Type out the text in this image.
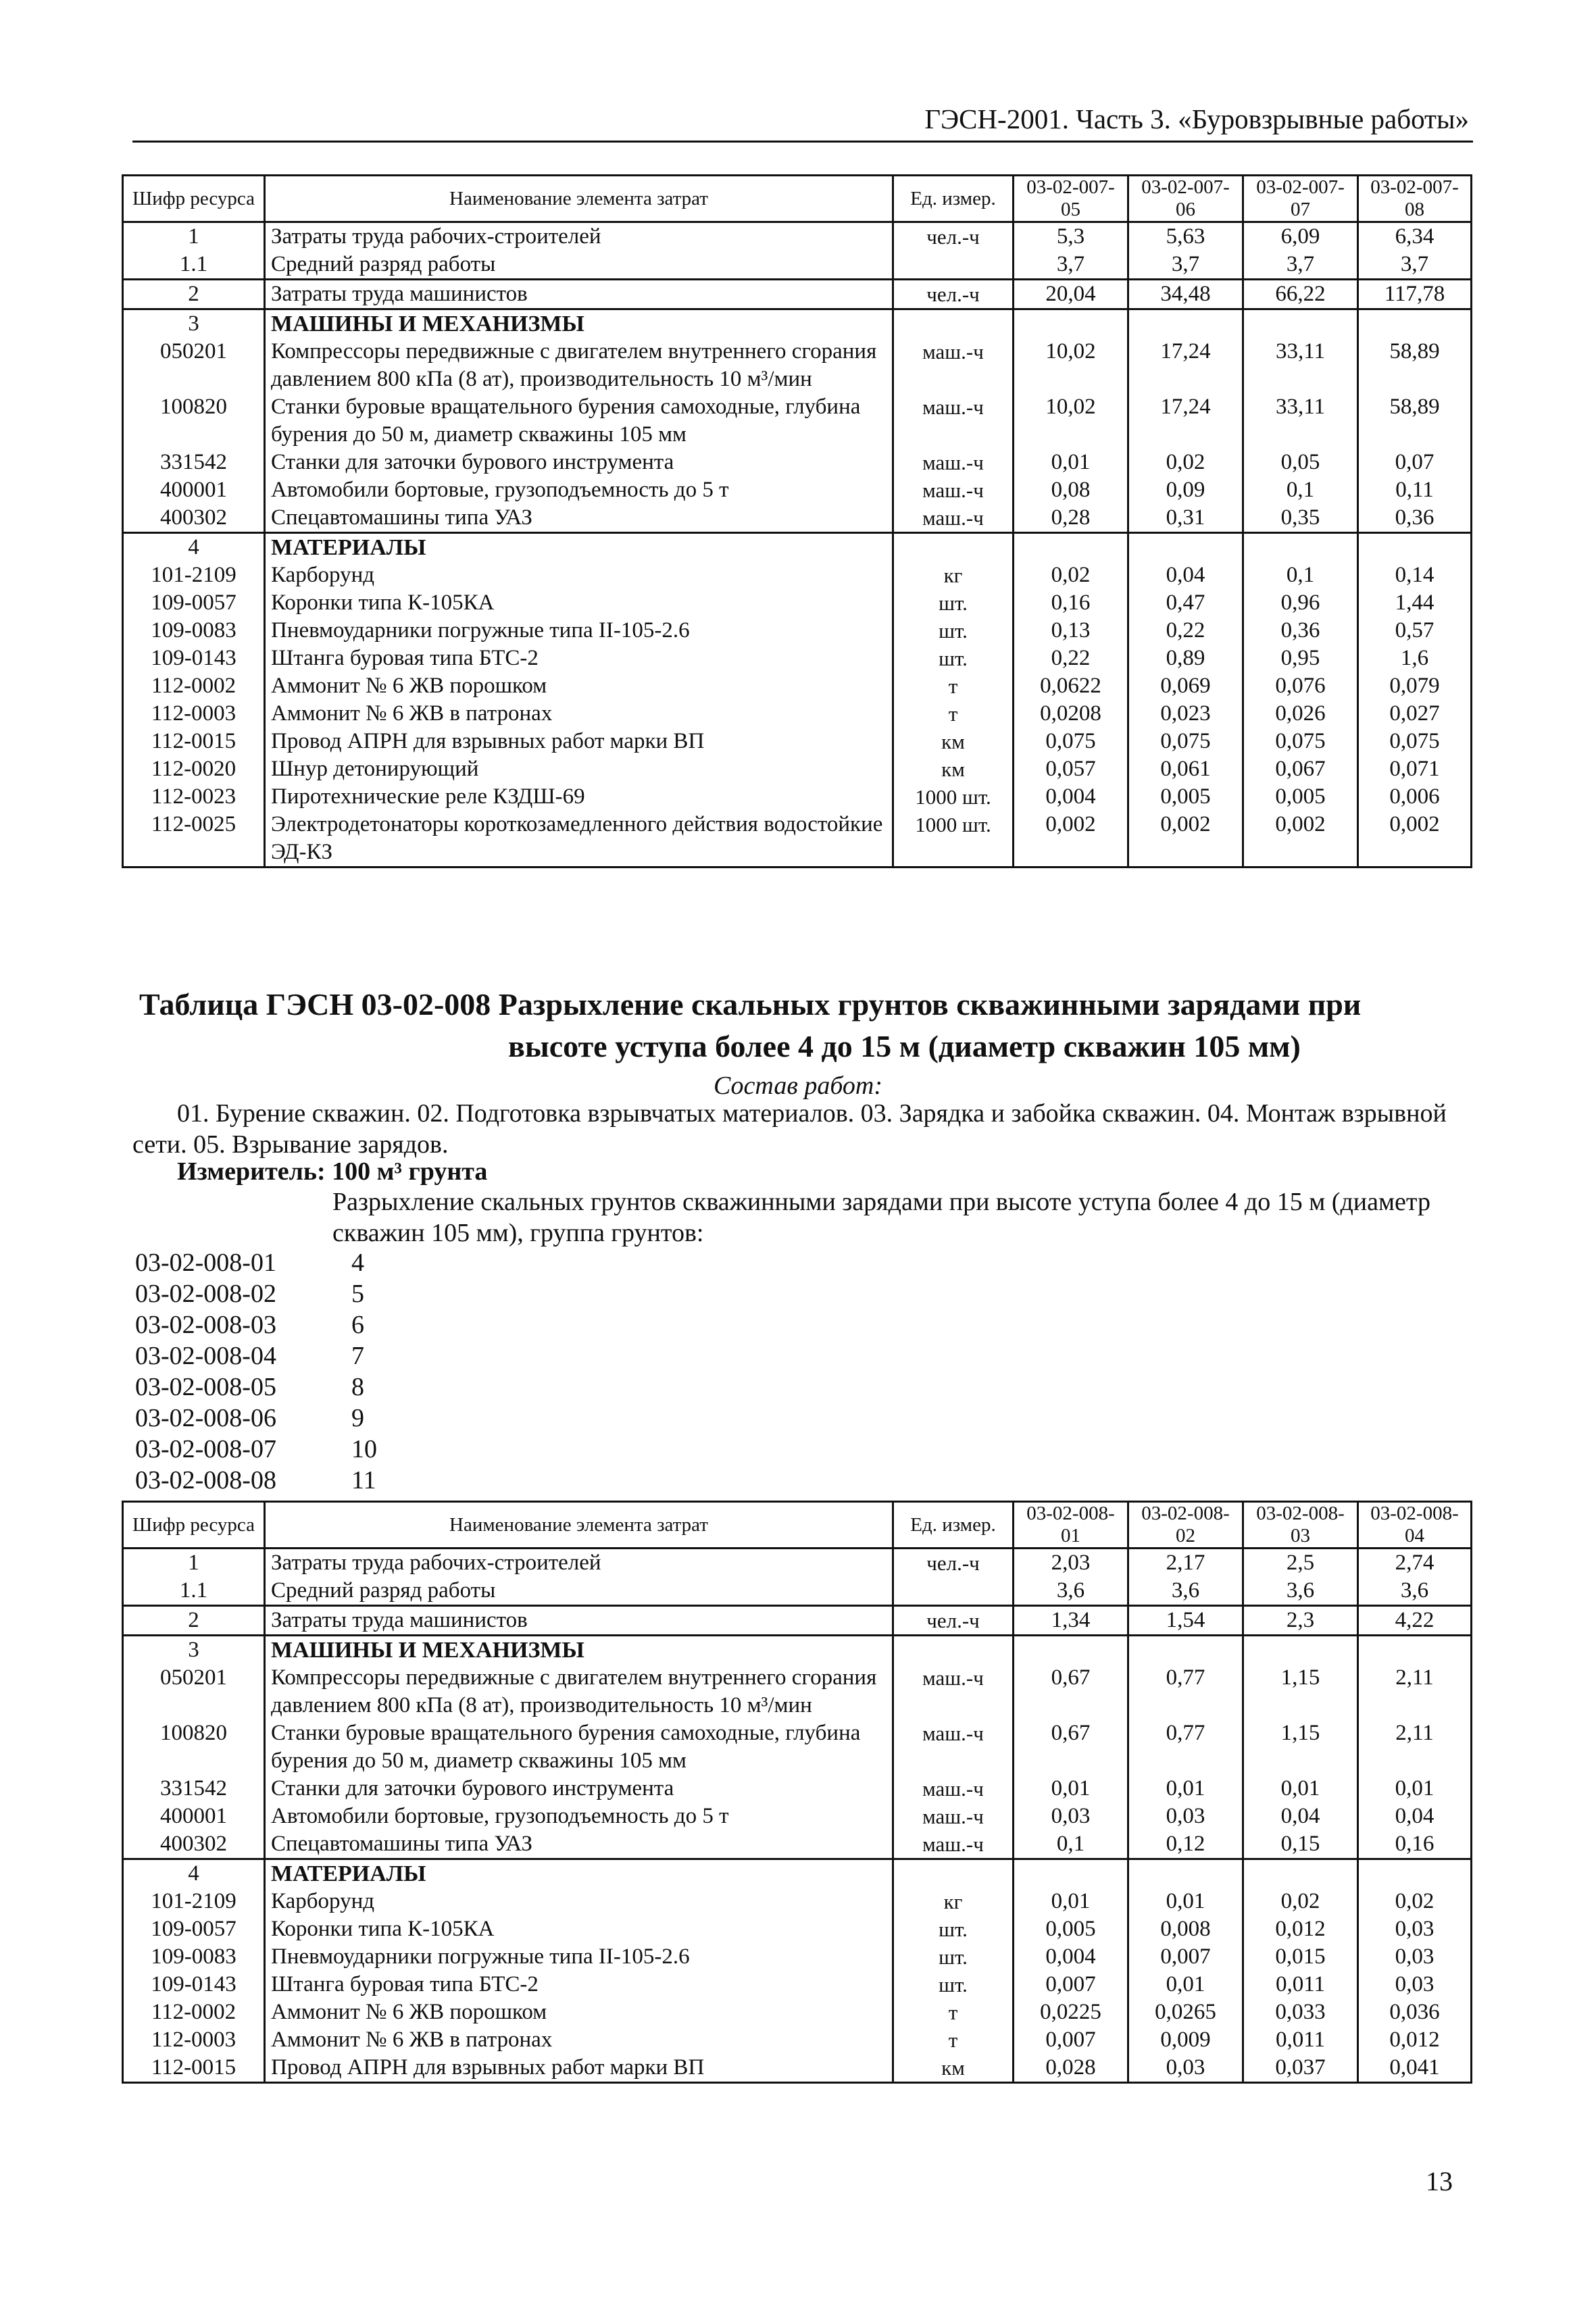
ГЭСН-2001. Часть 3. «Буровзрывные работы»
Шифр ресурса	Наименование элемента затрат	Ед. измер.	03-02-007-05	03-02-007-06	03-02-007-07	03-02-007-08
1	Затраты труда рабочих-строителей	чел.-ч	5,3	5,63	6,09	6,34
1.1	Средний разряд работы		3,7	3,7	3,7	3,7
2	Затраты труда машинистов	чел.-ч	20,04	34,48	66,22	117,78
3	МАШИНЫ И МЕХАНИЗМЫ					
050201	Компрессоры передвижные с двигателем внутреннего сгорания давлением 800 кПа (8 ат), производительность 10 м³/мин	маш.-ч	10,02	17,24	33,11	58,89
100820	Станки буровые вращательного бурения самоходные, глубина бурения до 50 м, диаметр скважины 105 мм	маш.-ч	10,02	17,24	33,11	58,89
331542	Станки для заточки бурового инструмента	маш.-ч	0,01	0,02	0,05	0,07
400001	Автомобили бортовые, грузоподъемность до 5 т	маш.-ч	0,08	0,09	0,1	0,11
400302	Спецавтомашины типа УАЗ	маш.-ч	0,28	0,31	0,35	0,36
4	МАТЕРИАЛЫ					
101-2109	Карборунд	кг	0,02	0,04	0,1	0,14
109-0057	Коронки типа К-105КА	шт.	0,16	0,47	0,96	1,44
109-0083	Пневмоударники погружные типа II-105-2.6	шт.	0,13	0,22	0,36	0,57
109-0143	Штанга буровая типа БТС-2	шт.	0,22	0,89	0,95	1,6
112-0002	Аммонит № 6 ЖВ порошком	т	0,0622	0,069	0,076	0,079
112-0003	Аммонит № 6 ЖВ в патронах	т	0,0208	0,023	0,026	0,027
112-0015	Провод АПРН для взрывных работ марки ВП	км	0,075	0,075	0,075	0,075
112-0020	Шнур детонирующий	км	0,057	0,061	0,067	0,071
112-0023	Пиротехнические реле КЗДШ-69	1000 шт.	0,004	0,005	0,005	0,006
112-0025	Электродетонаторы короткозамедленного действия водостойкие ЭД-КЗ	1000 шт.	0,002	0,002	0,002	0,002
Таблица ГЭСН 03-02-008 Разрыхление скальных грунтов скважинными зарядами при
высоте уступа более 4 до 15 м (диаметр скважин 105 мм)
Состав работ:
01. Бурение скважин. 02. Подготовка взрывчатых материалов. 03. Зарядка и забойка скважин. 04. Монтаж взрывной сети. 05. Взрывание зарядов.
Измеритель: 100 м³ грунта
Разрыхление скальных грунтов скважинными зарядами при высоте уступа более 4 до 15 м (диаметр скважин 105 мм), группа грунтов:
03-02-008-01	4
03-02-008-02	5
03-02-008-03	6
03-02-008-04	7
03-02-008-05	8
03-02-008-06	9
03-02-008-07	10
03-02-008-08	11
Шифр ресурса	Наименование элемента затрат	Ед. измер.	03-02-008-01	03-02-008-02	03-02-008-03	03-02-008-04
1	Затраты труда рабочих-строителей	чел.-ч	2,03	2,17	2,5	2,74
1.1	Средний разряд работы		3,6	3,6	3,6	3,6
2	Затраты труда машинистов	чел.-ч	1,34	1,54	2,3	4,22
3	МАШИНЫ И МЕХАНИЗМЫ					
050201	Компрессоры передвижные с двигателем внутреннего сгорания давлением 800 кПа (8 ат), производительность 10 м³/мин	маш.-ч	0,67	0,77	1,15	2,11
100820	Станки буровые вращательного бурения самоходные, глубина бурения до 50 м, диаметр скважины 105 мм	маш.-ч	0,67	0,77	1,15	2,11
331542	Станки для заточки бурового инструмента	маш.-ч	0,01	0,01	0,01	0,01
400001	Автомобили бортовые, грузоподъемность до 5 т	маш.-ч	0,03	0,03	0,04	0,04
400302	Спецавтомашины типа УАЗ	маш.-ч	0,1	0,12	0,15	0,16
4	МАТЕРИАЛЫ					
101-2109	Карборунд	кг	0,01	0,01	0,02	0,02
109-0057	Коронки типа К-105КА	шт.	0,005	0,008	0,012	0,03
109-0083	Пневмоударники погружные типа II-105-2.6	шт.	0,004	0,007	0,015	0,03
109-0143	Штанга буровая типа БТС-2	шт.	0,007	0,01	0,011	0,03
112-0002	Аммонит № 6 ЖВ порошком	т	0,0225	0,0265	0,033	0,036
112-0003	Аммонит № 6 ЖВ в патронах	т	0,007	0,009	0,011	0,012
112-0015	Провод АПРН для взрывных работ марки ВП	км	0,028	0,03	0,037	0,041
13
